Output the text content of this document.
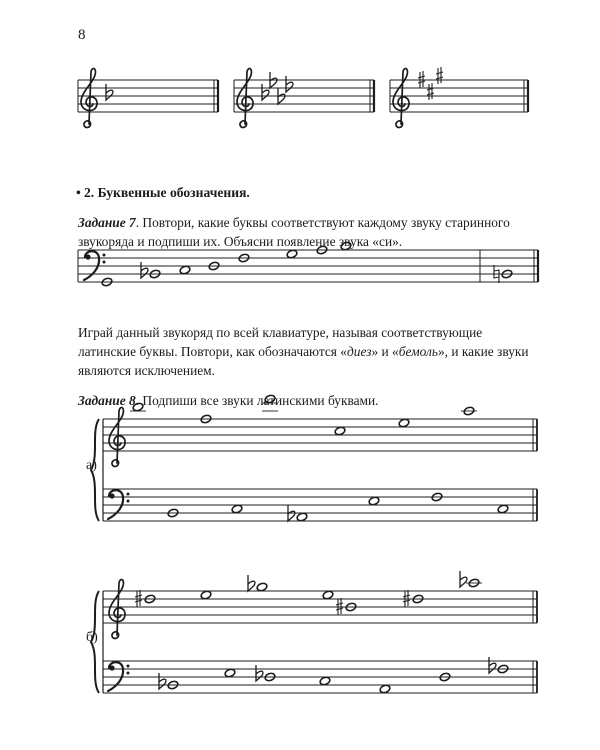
8
• 2. Буквенные обозначения.
Задание 7. Повтори, какие буквы соответствуют каждому звуку старинного звукоряда и подпиши их. Объясни появление звука «си».
Играй данный звукоряд по всей клавиатуре, называя соответствующие латинские буквы. Повтори, как обозначаются «диез» и «бемоль», и какие звуки являются исключением.
Задание 8. Подпиши все звуки латинскими буквами.
а)
б)
